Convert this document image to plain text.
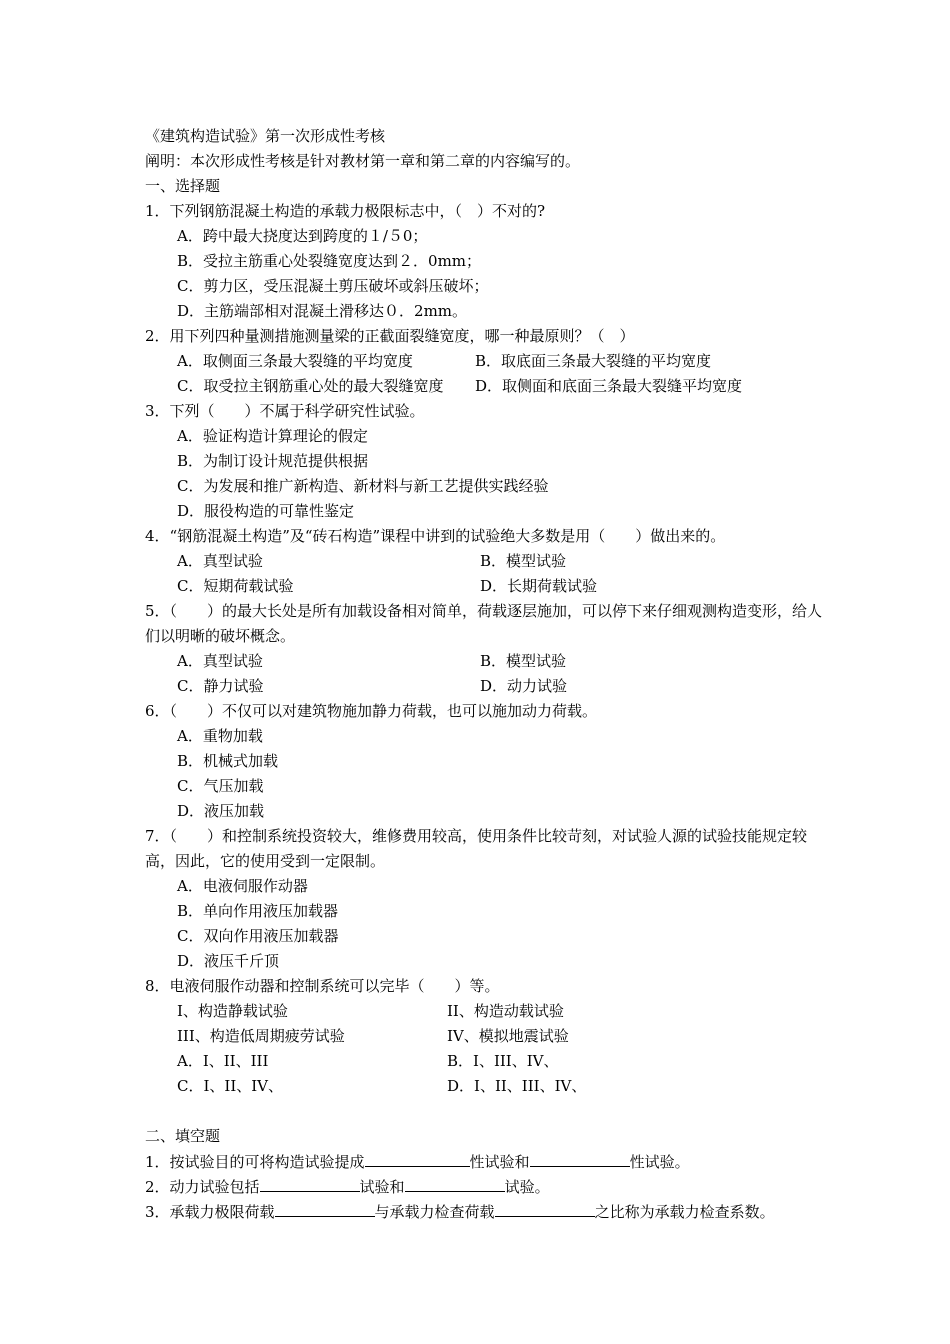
《建筑构造试验》第一次形成性考核
阐明：本次形成性考核是针对教材第一章和第二章的内容编写的。
一、选择题
1．下列钢筋混凝土构造的承载力极限标志中，（　）不对的?
A．跨中最大挠度达到跨度的１/５0；
B．受拉主筋重心处裂缝宽度达到２．0mm；
C．剪力区，受压混凝土剪压破坏或斜压破坏；
D．主筋端部相对混凝土滑移达０．2mm。
2．用下列四种量测措施测量梁的正截面裂缝宽度，哪一种最原则？（　）
A．取侧面三条最大裂缝的平均宽度	B．取底面三条最大裂缝的平均宽度
C．取受拉主钢筋重心处的最大裂缝宽度	D．取侧面和底面三条最大裂缝平均宽度
3．下列（　　）不属于科学研究性试验。
A．验证构造计算理论的假定
B．为制订设计规范提供根据
C．为发展和推广新构造、新材料与新工艺提供实践经验
D．服役构造的可靠性鉴定
4．“钢筋混凝土构造”及“砖石构造”课程中讲到的试验绝大多数是用（　　）做出来的。
A．真型试验	B．模型试验
C．短期荷载试验	D．长期荷载试验
5．（　　）的最大长处是所有加载设备相对简单，荷载逐层施加，可以停下来仔细观测构造变形，给人们以明晰的破坏概念。
A．真型试验	B．模型试验
C．静力试验	D．动力试验
6．（　　）不仅可以对建筑物施加静力荷载，也可以施加动力荷载。
A．重物加载
B．机械式加载
C．气压加载
D．液压加载
7．（　　）和控制系统投资较大，维修费用较高，使用条件比较苛刻，对试验人源的试验技能规定较高，因此，它的使用受到一定限制。
A．电液伺服作动器
B．单向作用液压加载器
C．双向作用液压加载器
D．液压千斤顶
8．电液伺服作动器和控制系统可以完毕（　　）等。
I、构造静载试验	II、构造动载试验
III、构造低周期疲劳试验	IV、模拟地震试验
A．I、II、III	B．I、III、IV、
C．I、II、IV、	D．I、II、III、IV、
二、填空题
1．按试验目的可将构造试验提成	性试验和	性试验。
2．动力试验包括	试验和	试验。
3．承载力极限荷载	与承载力检查荷载	之比称为承载力检查系数。
